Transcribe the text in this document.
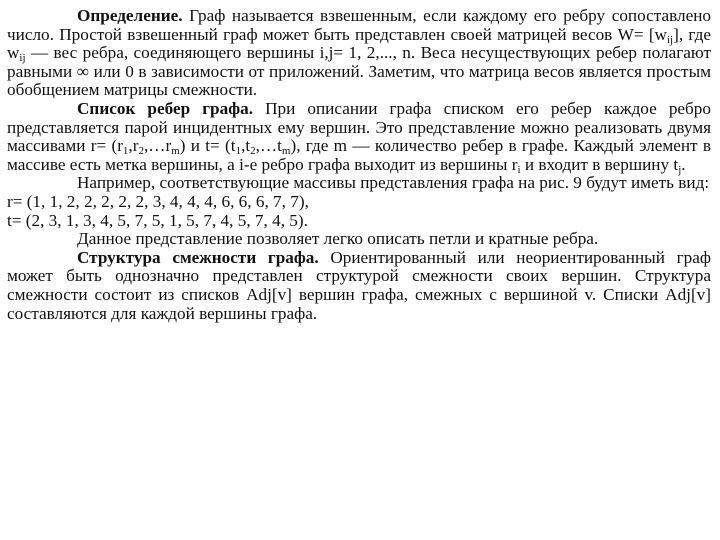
Определение. Граф называется взвешенным, если каждому его ребру сопоставлено число. Простой взвешенный граф может быть представлен своей матрицей весов $W= [w_{ij}]$, где $w_{ij}$ — вес ребра, соединяющего вершины i,j= 1, 2,..., n. Веса несуществующих ребер полагают равными ∞ или 0 в зависимости от приложений. Заметим, что матрица весов является простым обобщением матрицы смежности.

Список ребер графа. При описании графа списком его ребер каждое ребро представляется парой инцидентных ему вершин. Это представление можно реализовать двумя массивами $r= (r_1,r_2,\dots r_m)$ и $t= (t_1,t_2,\dots t_m)$, где m — количество ребер в графе. Каждый элемент в массиве есть метка вершины, а i-е ребро графа выходит из вершины $r_i$ и входит в вершину $t_j$.

Например, соответствующие массивы представления графа на рис. 9 будут иметь вид:

r= (1, 1, 2, 2, 2, 2, 2, 3, 4, 4, 4, 6, 6, 6, 7, 7),

t= (2, 3, 1, 3, 4, 5, 7, 5, 1, 5, 7, 4, 5, 7, 4, 5).

Данное представление позволяет легко описать петли и кратные ребра.

Структура смежности графа. Ориентированный или неориентированный граф может быть однозначно представлен структурой смежности своих вершин. Структура смежности состоит из списков Adj[v] вершин графа, смежных с вершиной v. Списки Adj[v] составляются для каждой вершины графа.
